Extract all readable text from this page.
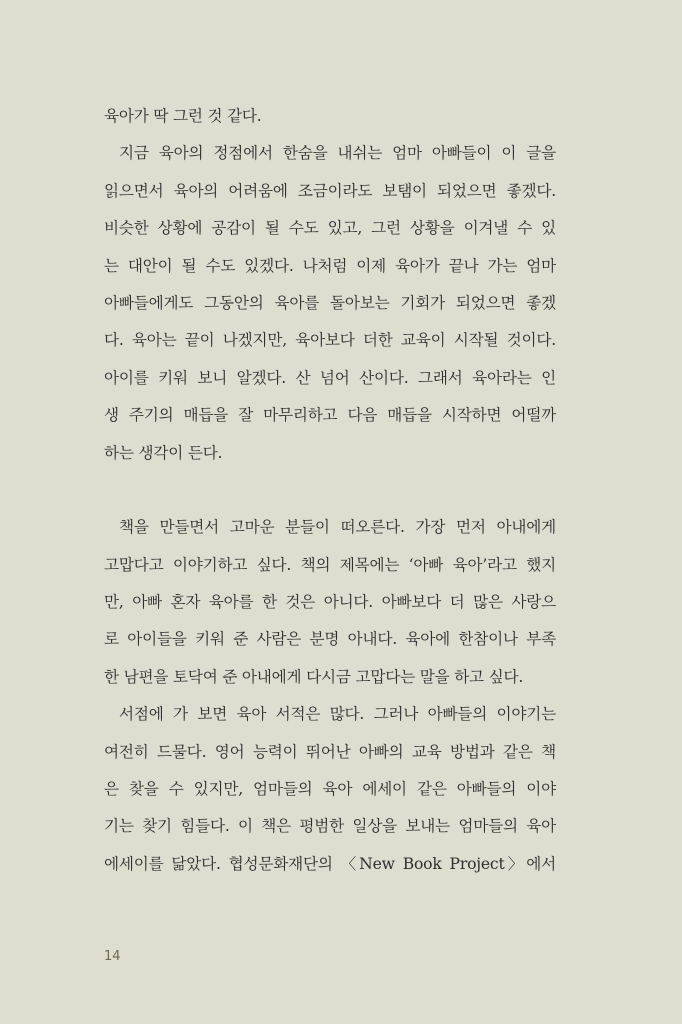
육아가 딱 그런 것 같다.
지금 육아의 정점에서 한숨을 내쉬는 엄마 아빠들이 이 글을
읽으면서 육아의 어려움에 조금이라도 보탬이 되었으면 좋겠다.
비슷한 상황에 공감이 될 수도 있고, 그런 상황을 이겨낼 수 있
는 대안이 될 수도 있겠다. 나처럼 이제 육아가 끝나 가는 엄마
아빠들에게도 그동안의 육아를 돌아보는 기회가 되었으면 좋겠
다. 육아는 끝이 나겠지만, 육아보다 더한 교육이 시작될 것이다.
아이를 키워 보니 알겠다. 산 넘어 산이다. 그래서 육아라는 인
생 주기의 매듭을 잘 마무리하고 다음 매듭을 시작하면 어떨까
하는 생각이 든다.
책을 만들면서 고마운 분들이 떠오른다. 가장 먼저 아내에게
고맙다고 이야기하고 싶다. 책의 제목에는 ‘아빠 육아’라고 했지
만, 아빠 혼자 육아를 한 것은 아니다. 아빠보다 더 많은 사랑으
로 아이들을 키워 준 사람은 분명 아내다. 육아에 한참이나 부족
한 남편을 토닥여 준 아내에게 다시금 고맙다는 말을 하고 싶다.
서점에 가 보면 육아 서적은 많다. 그러나 아빠들의 이야기는
여전히 드물다. 영어 능력이 뛰어난 아빠의 교육 방법과 같은 책
은 찾을 수 있지만, 엄마들의 육아 에세이 같은 아빠들의 이야
기는 찾기 힘들다. 이 책은 평범한 일상을 보내는 엄마들의 육아
에세이를 닮았다. 협성문화재단의 〈New Book Project〉에서
14
